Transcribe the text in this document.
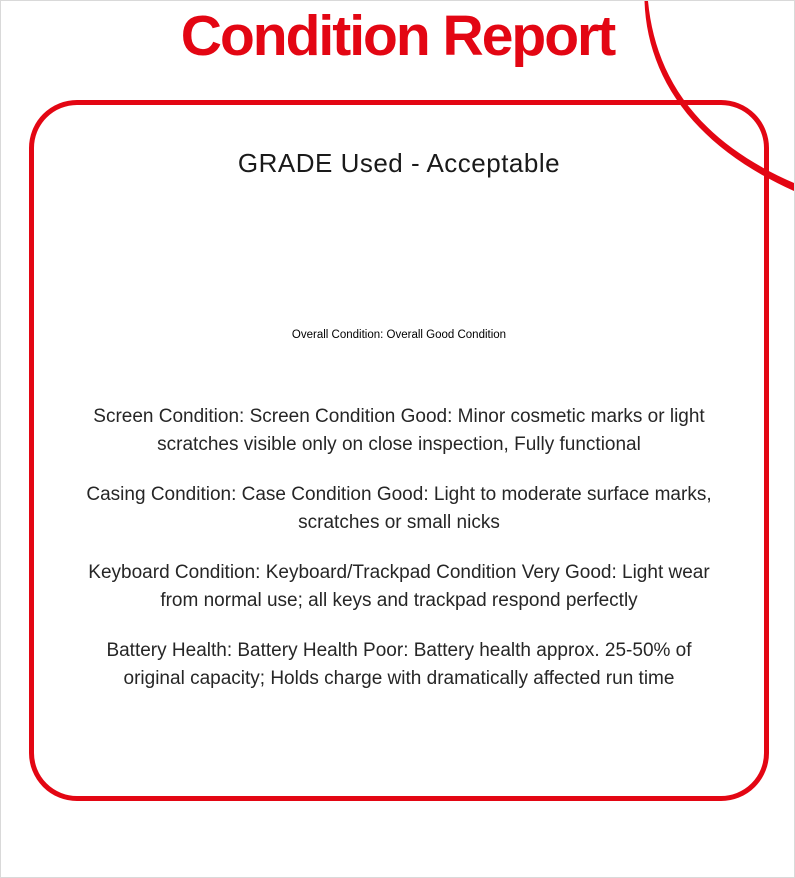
Condition Report
GRADE Used - Acceptable
Overall Condition: Overall Good Condition

Screen Condition: Screen Condition Good: Minor cosmetic marks or light
scratches visible only on close inspection, Fully functional

Casing Condition: Case Condition Good: Light to moderate surface marks,
scratches or small nicks

Keyboard Condition: Keyboard/Trackpad Condition Very Good: Light wear
from normal use; all keys and trackpad respond perfectly

Battery Health: Battery Health Poor: Battery health approx. 25-50% of
original capacity; Holds charge with dramatically affected run time
